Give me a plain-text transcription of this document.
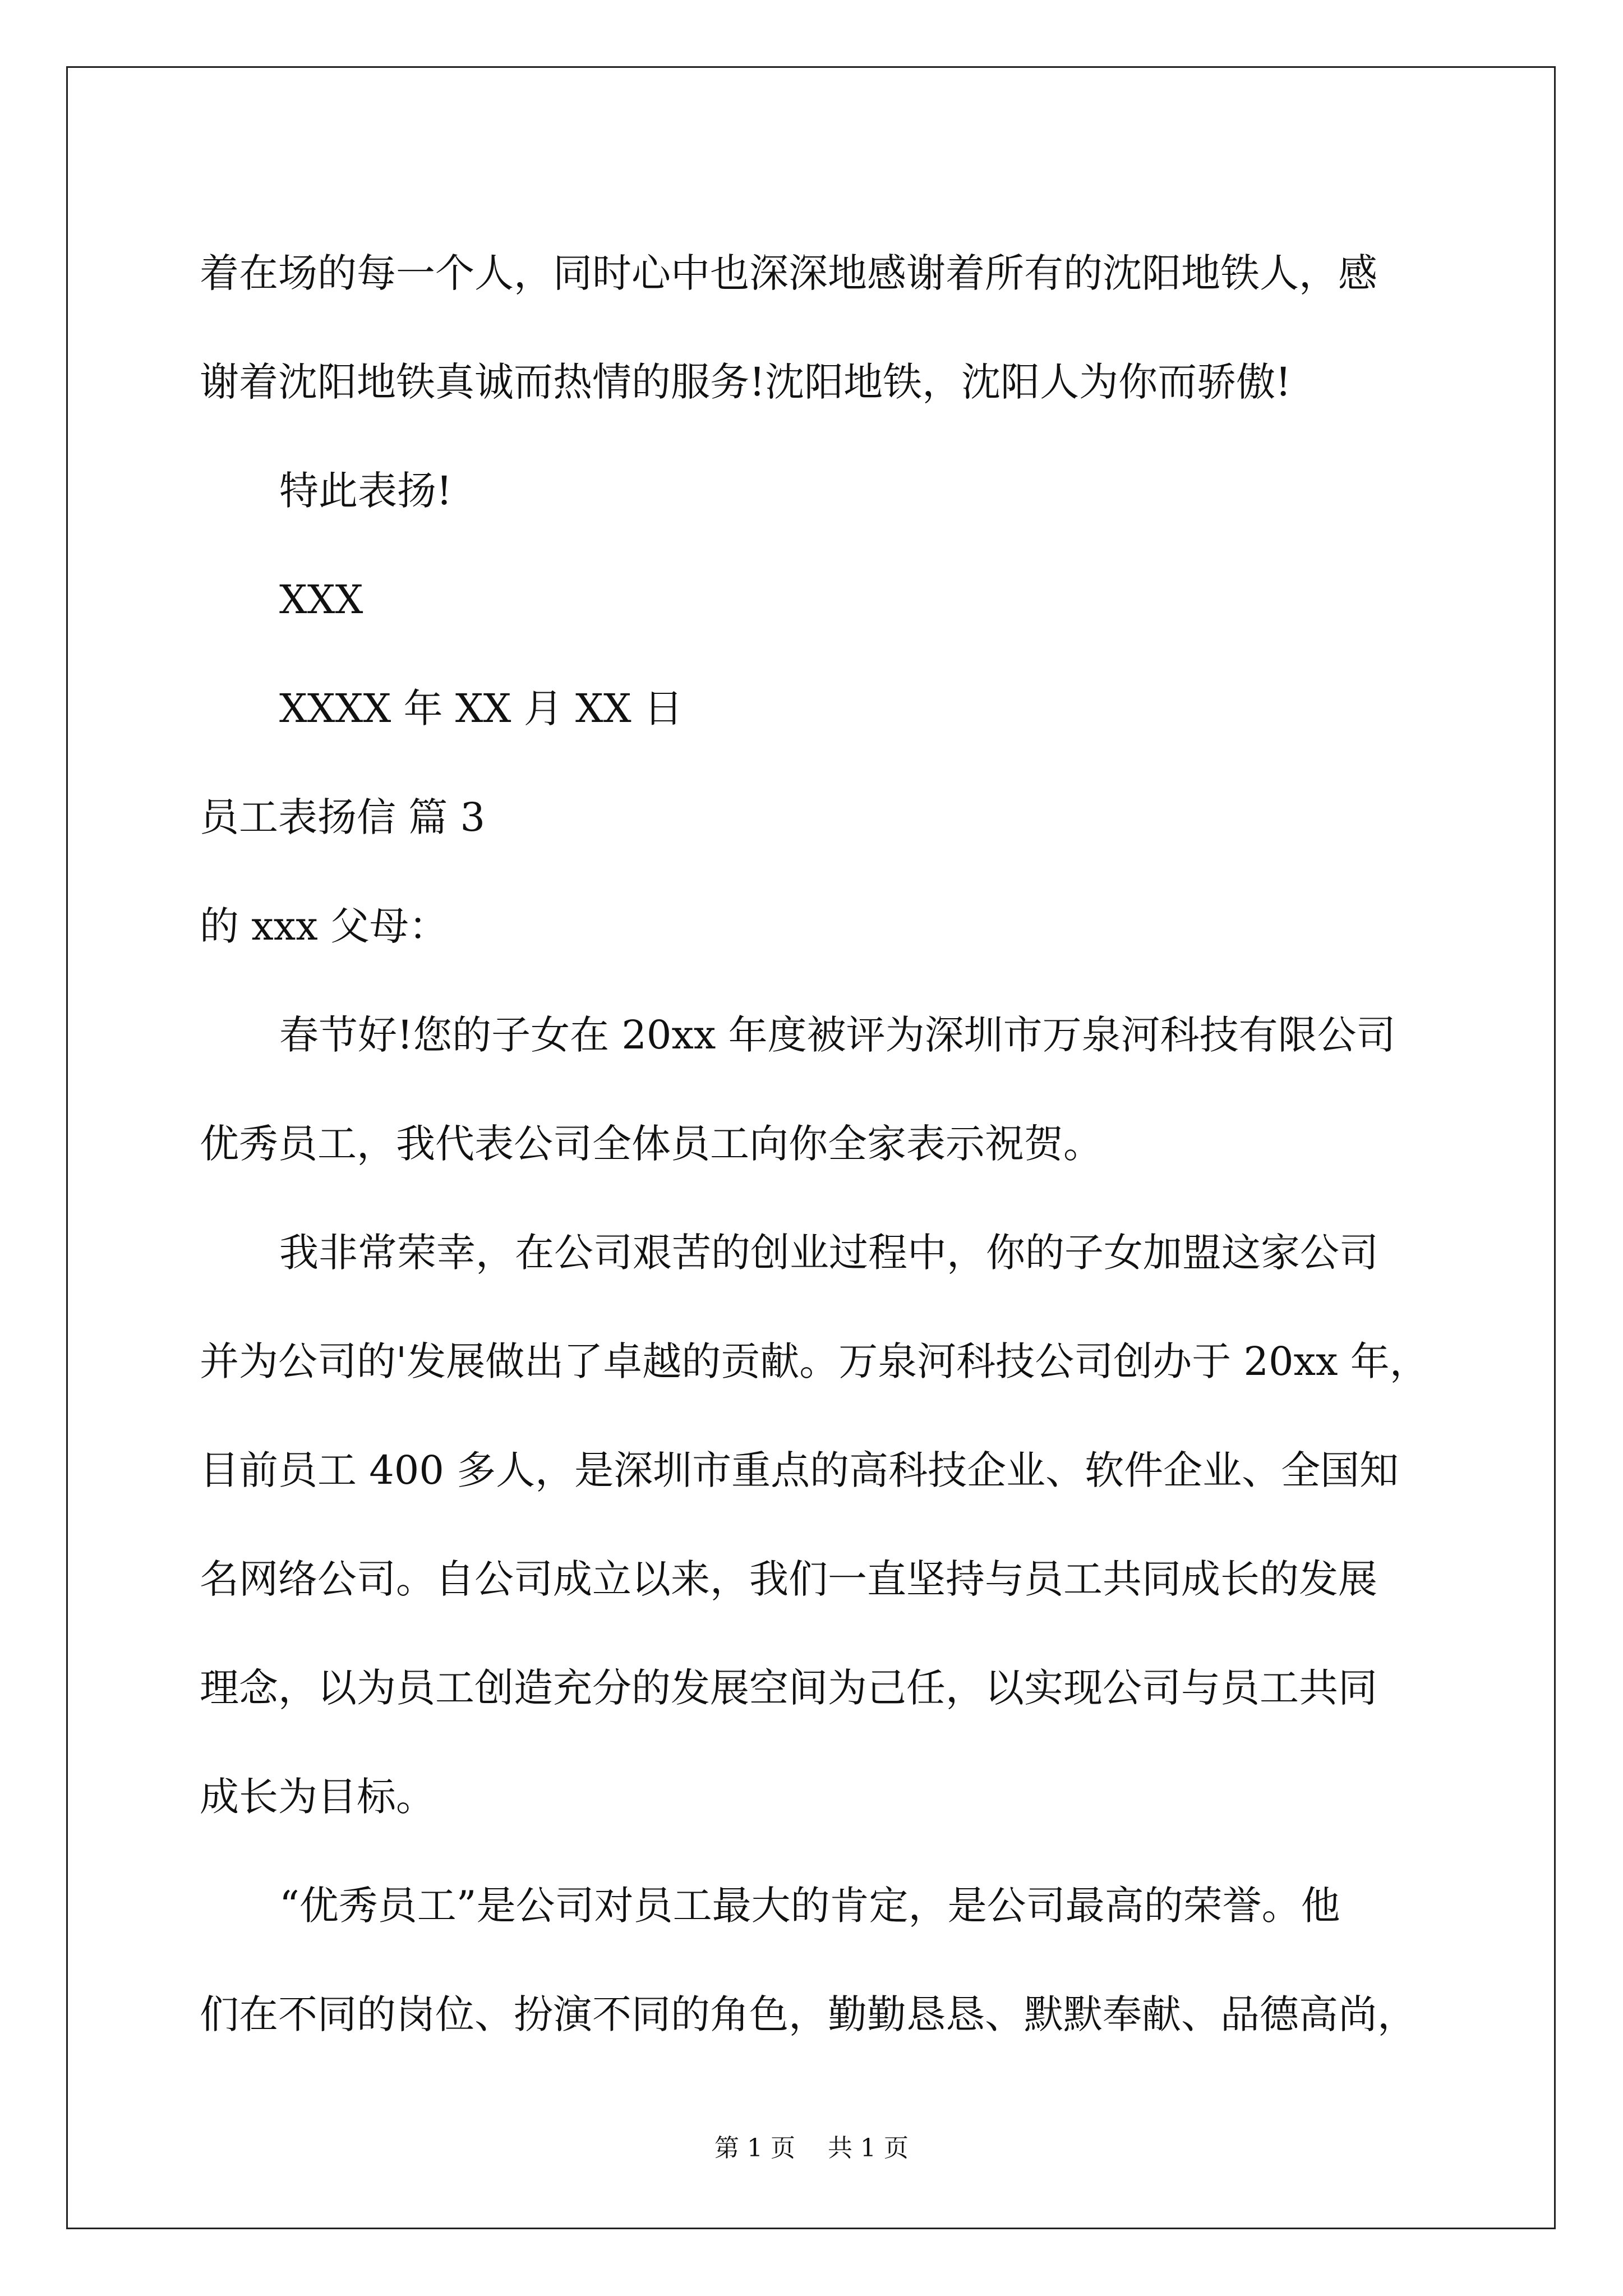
着在场的每一个人，同时心中也深深地感谢着所有的沈阳地铁人，感
谢着沈阳地铁真诚而热情的服务!沈阳地铁，沈阳人为你而骄傲!
特此表扬!
XXX
XXXX 年 XX 月 XX 日
员工表扬信 篇 3
的 xxx 父母：
春节好!您的子女在 20xx 年度被评为深圳市万泉河科技有限公司
优秀员工，我代表公司全体员工向你全家表示祝贺。
我非常荣幸，在公司艰苦的创业过程中，你的子女加盟这家公司
并为公司的'发展做出了卓越的贡献。万泉河科技公司创办于 20xx 年，
目前员工 400 多人，是深圳市重点的高科技企业、软件企业、全国知
名网络公司。自公司成立以来，我们一直坚持与员工共同成长的发展
理念，以为员工创造充分的发展空间为己任，以实现公司与员工共同
成长为目标。
“优秀员工”是公司对员工最大的肯定，是公司最高的荣誉。他
们在不同的岗位、扮演不同的角色，勤勤恳恳、默默奉献、品德高尚，
第 1 页 共 1 页
